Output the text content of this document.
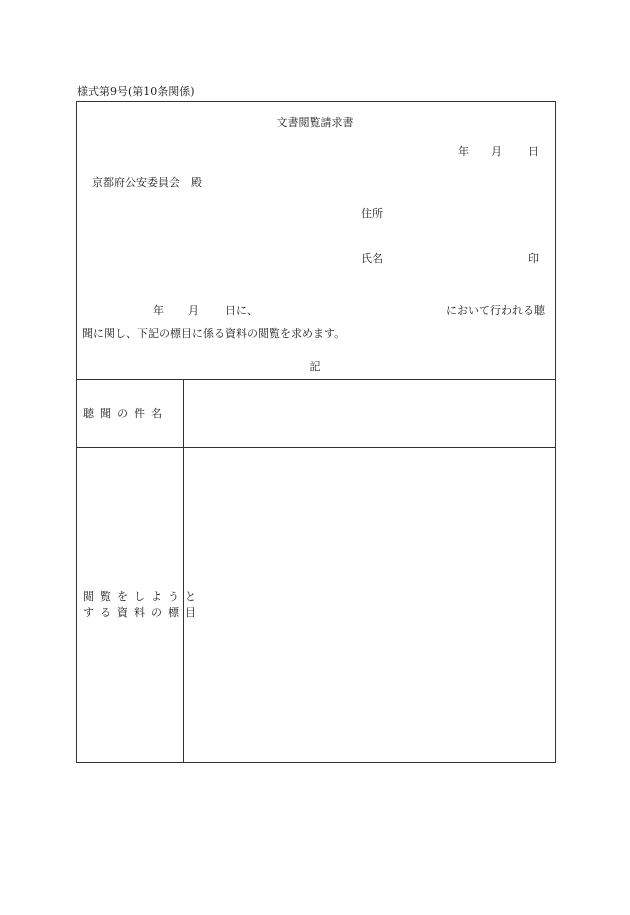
様式第9号(第10条関係)
文書閲覧請求書
年 月 日
京都府公安委員会　殿
住所
氏名	印
年 月 日に、	において行われる聴
聞に関し、下記の標目に係る資料の閲覧を求めます。
記
聴聞の件名
閲覧をしようと
する資料の標目
